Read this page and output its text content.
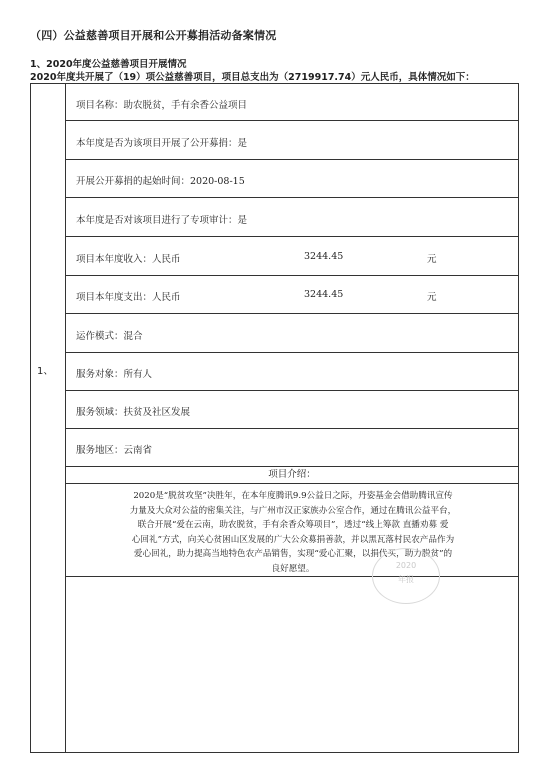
（四）公益慈善项目开展和公开募捐活动备案情况
1、2020年度公益慈善项目开展情况
2020年度共开展了（19）项公益慈善项目，项目总支出为（2719917.74）元人民币，具体情况如下：
1、
项目名称：助农脱贫，手有余香公益项目
本年度是否为该项目开展了公开募捐：是
开展公开募捐的起始时间：2020-08-15
本年度是否对该项目进行了专项审计：是
项目本年度收入：人民币	3244.45	元
项目本年度支出：人民币	3244.45	元
运作模式：混合
服务对象：所有人
服务领域：扶贫及社区发展
服务地区：云南省
项目介绍：
2020是“脱贫攻坚”决胜年，在本年度腾讯9.9公益日之际，丹姿基金会借助腾讯宣传
力量及大众对公益的密集关注，与广州市汉正家族办公室合作，通过在腾讯公益平台，
联合开展“爱在云南，助农脱贫，手有余香众筹项目”，透过“线上筹款 直播劝募 爱
心回礼”方式，向关心贫困山区发展的广大公众募捐善款，并以黑瓦落村民农产品作为
爱心回礼，助力提高当地特色农产品销售，实现“爱心汇聚，以捐代买，助力脱贫”的
良好愿望。	2020
年报
